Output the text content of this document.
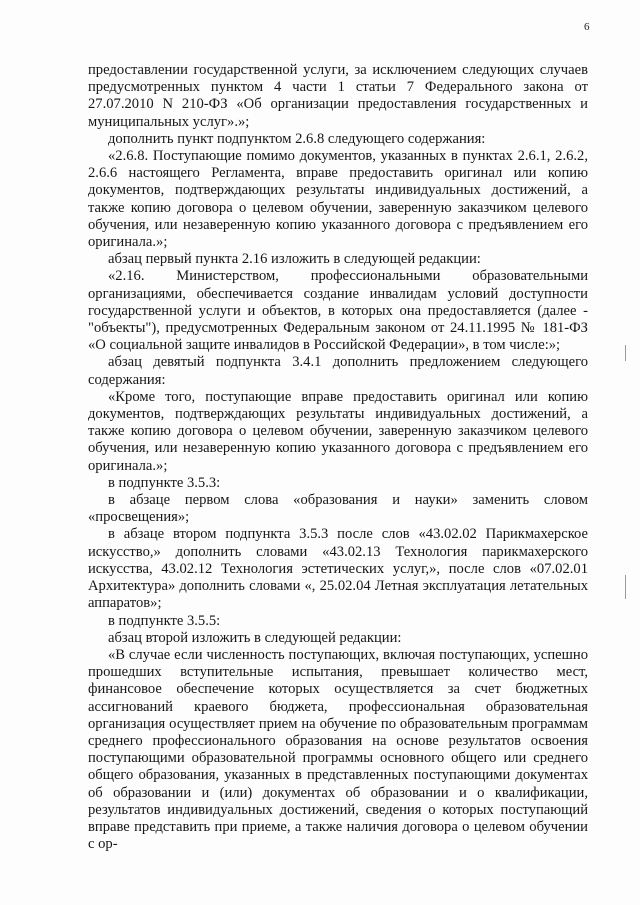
6

предоставлении государственной услуги, за исключением следующих случаев предусмотренных пунктом 4 части 1 статьи 7 Федерального закона от 27.07.2010 N 210-ФЗ «Об организации предоставления государственных и муниципальных услуг».»;

дополнить пункт подпунктом 2.6.8 следующего содержания:

«2.6.8. Поступающие помимо документов, указанных в пунктах 2.6.1, 2.6.2, 2.6.6 настоящего Регламента, вправе предоставить оригинал или копию документов, подтверждающих результаты индивидуальных достижений, а также копию договора о целевом обучении, заверенную заказчиком целевого обучения, или незаверенную копию указанного договора с предъявлением его оригинала.»;

абзац первый пункта 2.16 изложить в следующей редакции:

«2.16. Министерством, профессиональными образовательными организациями, обеспечивается создание инвалидам условий доступности государственной услуги и объектов, в которых она предоставляется (далее - "объекты"), предусмотренных Федеральным законом от 24.11.1995 № 181-ФЗ «О социальной защите инвалидов в Российской Федерации», в том числе:»;

абзац девятый подпункта 3.4.1 дополнить предложением следующего содержания:

«Кроме того, поступающие вправе предоставить оригинал или копию документов, подтверждающих результаты индивидуальных достижений, а также копию договора о целевом обучении, заверенную заказчиком целевого обучения, или незаверенную копию указанного договора с предъявлением его оригинала.»;

в подпункте 3.5.3:

в абзаце первом слова «образования и науки» заменить словом «просвещения»;

в абзаце втором подпункта 3.5.3 после слов «43.02.02 Парикмахерское искусство,» дополнить словами «43.02.13 Технология парикмахерского искусства, 43.02.12 Технология эстетических услуг,», после слов «07.02.01 Архитектура» дополнить словами «, 25.02.04 Летная эксплуатация летательных аппаратов»;

в подпункте 3.5.5:

абзац второй изложить в следующей редакции:

«В случае если численность поступающих, включая поступающих, успешно прошедших вступительные испытания, превышает количество мест, финансовое обеспечение которых осуществляется за счет бюджетных ассигнований краевого бюджета, профессиональная образовательная организация осуществляет прием на обучение по образовательным программам среднего профессионального образования на основе результатов освоения поступающими образовательной программы основного общего или среднего общего образования, указанных в представленных поступающими документах об образовании и (или) документах об образовании и о квалификации, результатов индивидуальных достижений, сведения о которых поступающий вправе представить при приеме, а также наличия договора о целевом обучении с ор-
